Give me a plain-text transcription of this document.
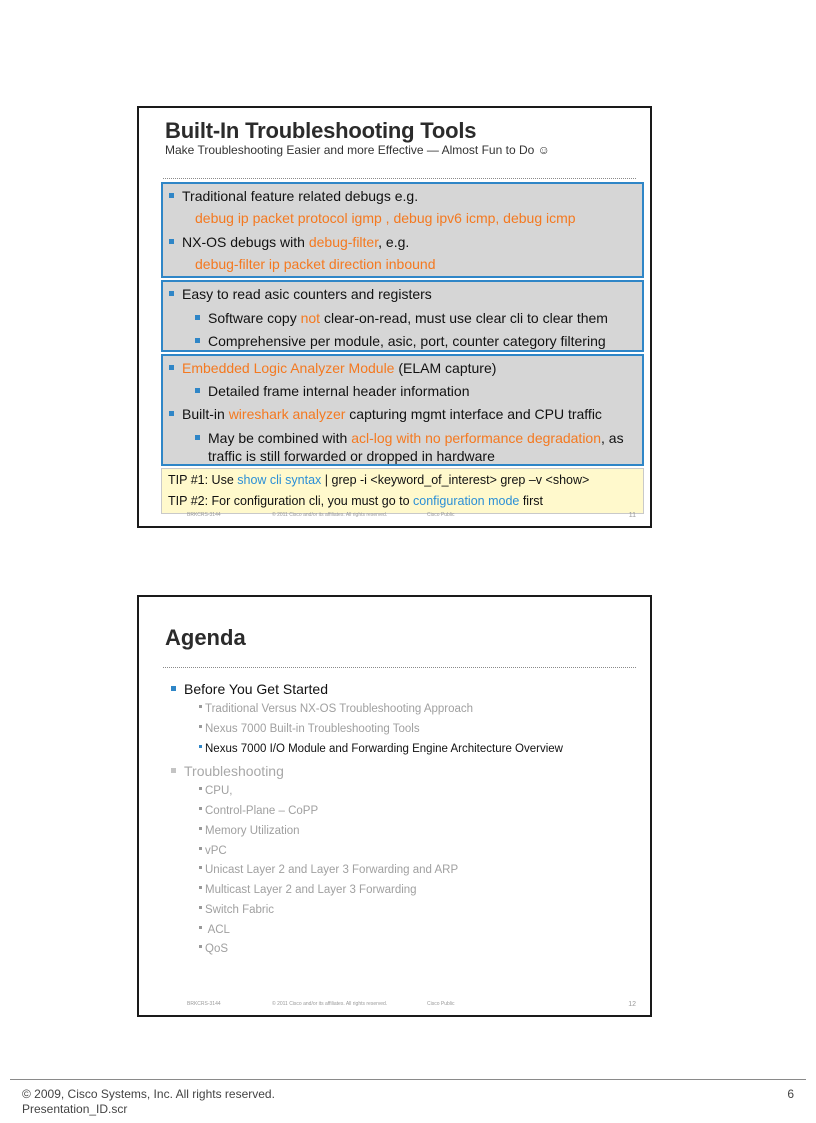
Built-In Troubleshooting Tools
Make Troubleshooting Easier and more Effective — Almost Fun to Do ☺
Traditional feature related debugs e.g.
debug ip packet protocol igmp , debug ipv6 icmp, debug icmp
NX-OS debugs with debug-filter, e.g.
debug-filter ip packet direction inbound
Easy to read asic counters and registers
Software copy not clear-on-read, must use clear cli to clear them
Comprehensive per module, asic, port, counter category filtering
Embedded Logic Analyzer Module (ELAM capture)
Detailed frame internal header information
Built-in wireshark analyzer capturing mgmt interface and CPU traffic
May be combined with acl-log with no performance degradation, as
traffic is still forwarded or dropped in hardware
TIP #1: Use show cli syntax | grep -i <keyword_of_interest> grep –v <show>
TIP #2: For configuration cli, you must go to configuration mode first
BRKCRS-3144	© 2011 Cisco and/or its affiliates. All rights reserved.	Cisco Public	11
Agenda
Before You Get Started
Traditional Versus NX-OS Troubleshooting Approach
Nexus 7000 Built-in Troubleshooting Tools
Nexus 7000 I/O Module and Forwarding Engine Architecture Overview
Troubleshooting
CPU,
Control-Plane – CoPP
Memory Utilization
vPC
Unicast Layer 2 and Layer 3 Forwarding and ARP
Multicast Layer 2 and Layer 3 Forwarding
Switch Fabric
ACL
QoS
BRKCRS-3144	© 2011 Cisco and/or its affiliates. All rights reserved.	Cisco Public	12
© 2009, Cisco Systems, Inc. All rights reserved.
Presentation_ID.scr
6
